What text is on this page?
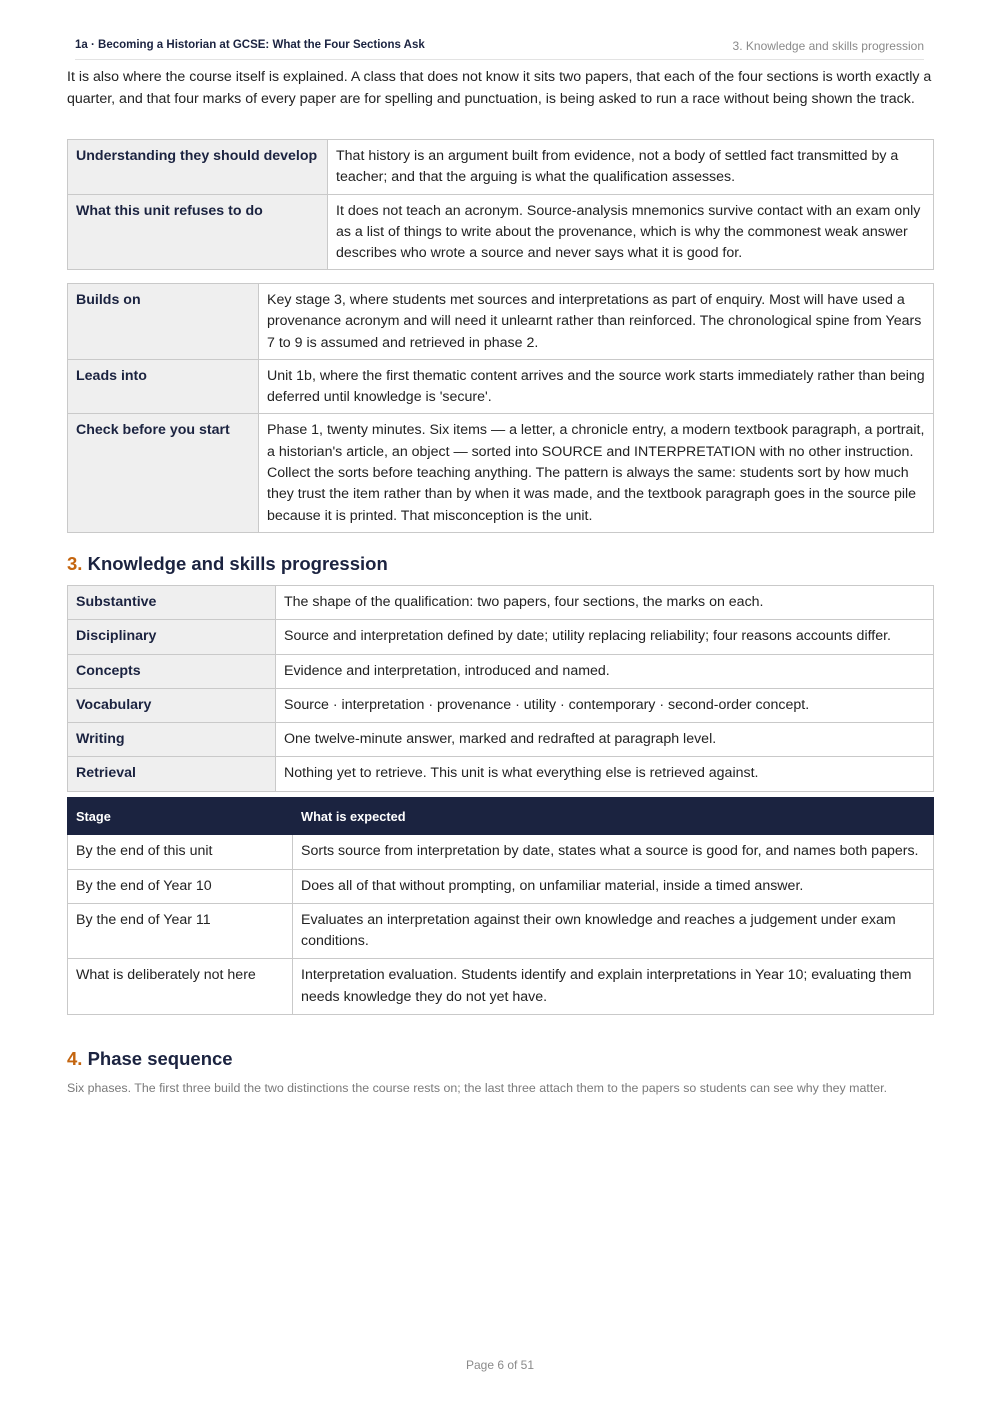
1a · Becoming a Historian at GCSE: What the Four Sections Ask	3. Knowledge and skills progression

It is also where the course itself is explained. A class that does not know it sits two papers, that each of the four sections is worth exactly a quarter, and that four marks of every paper are for spelling and punctuation, is being asked to run a race without being shown the track.

Understanding they should develop	That history is an argument built from evidence, not a body of settled fact transmitted by a teacher; and that the arguing is what the qualification assesses.
What this unit refuses to do	It does not teach an acronym. Source-analysis mnemonics survive contact with an exam only as a list of things to write about the provenance, which is why the commonest weak answer describes who wrote a source and never says what it is good for.
Builds on	Key stage 3, where students met sources and interpretations as part of enquiry. Most will have used a provenance acronym and will need it unlearnt rather than reinforced. The chronological spine from Years 7 to 9 is assumed and retrieved in phase 2.
Leads into	Unit 1b, where the first thematic content arrives and the source work starts immediately rather than being deferred until knowledge is 'secure'.
Check before you start	Phase 1, twenty minutes. Six items — a letter, a chronicle entry, a modern textbook paragraph, a portrait, a historian's article, an object — sorted into SOURCE and INTERPRETATION with no other instruction. Collect the sorts before teaching anything. The pattern is always the same: students sort by how much they trust the item rather than by when it was made, and the textbook paragraph goes in the source pile because it is printed. That misconception is the unit.
3. Knowledge and skills progression
Substantive	The shape of the qualification: two papers, four sections, the marks on each.
Disciplinary	Source and interpretation defined by date; utility replacing reliability; four reasons accounts differ.
Concepts	Evidence and interpretation, introduced and named.
Vocabulary	Source · interpretation · provenance · utility · contemporary · second-order concept.
Writing	One twelve-minute answer, marked and redrafted at paragraph level.
Retrieval	Nothing yet to retrieve. This unit is what everything else is retrieved against.
Stage	What is expected
By the end of this unit	Sorts source from interpretation by date, states what a source is good for, and names both papers.
By the end of Year 10	Does all of that without prompting, on unfamiliar material, inside a timed answer.
By the end of Year 11	Evaluates an interpretation against their own knowledge and reaches a judgement under exam conditions.
What is deliberately not here	Interpretation evaluation. Students identify and explain interpretations in Year 10; evaluating them needs knowledge they do not yet have.
4. Phase sequence

Six phases. The first three build the two distinctions the course rests on; the last three attach them to the papers so students can see why they matter.

Page 6 of 51
